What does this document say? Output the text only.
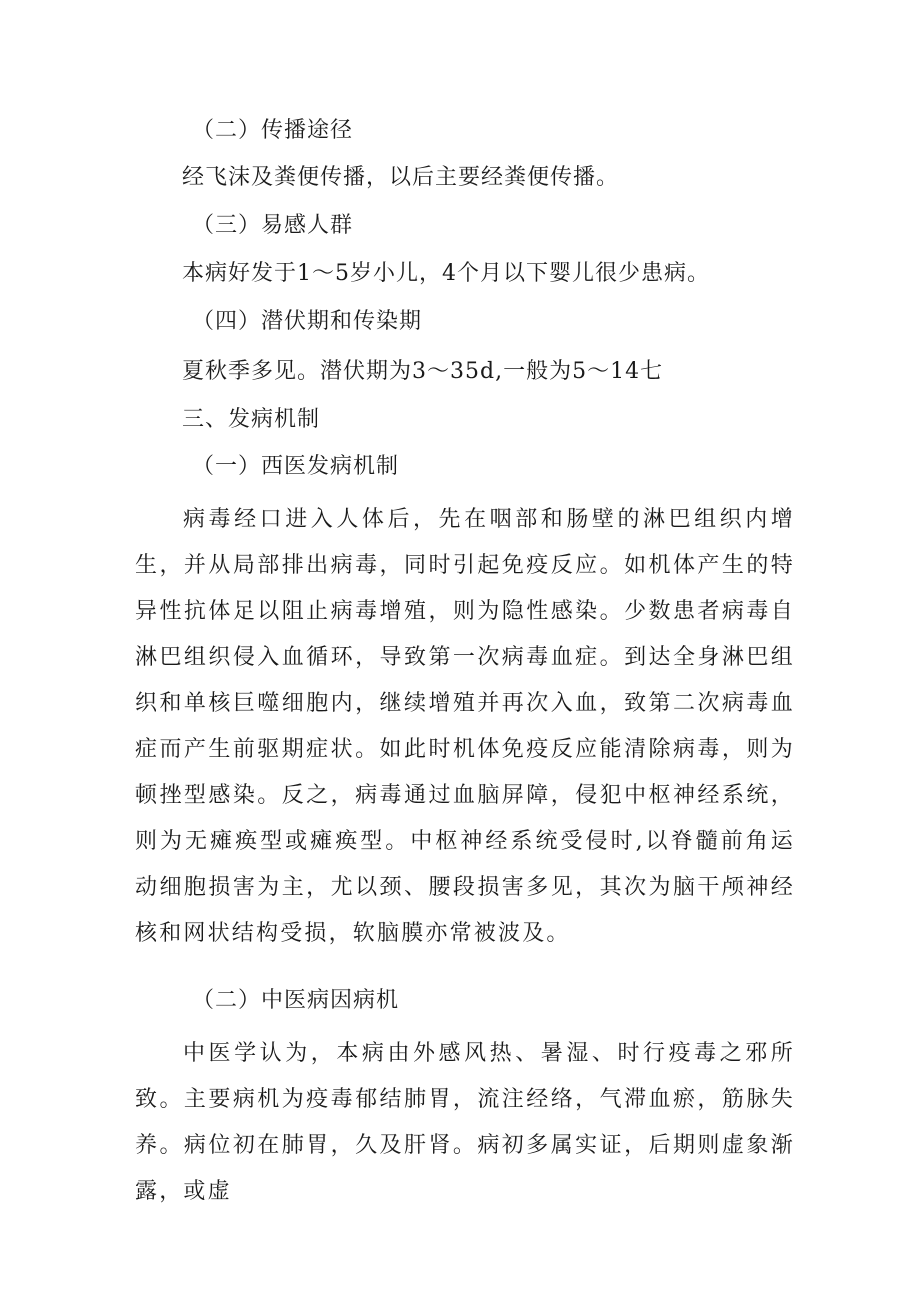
（二）传播途径

经飞沫及粪便传播，以后主要经粪便传播。

（三）易感人群

本病好发于1～5岁小儿，4个月以下婴儿很少患病。

（四）潜伏期和传染期

夏秋季多见。潜伏期为3～35d,一般为5～14七

三、发病机制

（一）西医发病机制

病毒经口进入人体后，先在咽部和肠壁的淋巴组织内增生，并从局部排出病毒，同时引起免疫反应。如机体产生的特异性抗体足以阻止病毒增殖，则为隐性感染。少数患者病毒自淋巴组织侵入血循环，导致第一次病毒血症。到达全身淋巴组织和单核巨噬细胞内，继续增殖并再次入血，致第二次病毒血症而产生前驱期症状。如此时机体免疫反应能清除病毒，则为顿挫型感染。反之，病毒通过血脑屏障，侵犯中枢神经系统，则为无瘫痪型或瘫痪型。中枢神经系统受侵时,以脊髓前角运动细胞损害为主，尤以颈、腰段损害多见，其次为脑干颅神经核和网状结构受损，软脑膜亦常被波及。

（二）中医病因病机

中医学认为，本病由外感风热、暑湿、时行疫毒之邪所致。主要病机为疫毒郁结肺胃，流注经络，气滞血瘀，筋脉失养。病位初在肺胃，久及肝肾。病初多属实证，后期则虚象渐露，或虚
